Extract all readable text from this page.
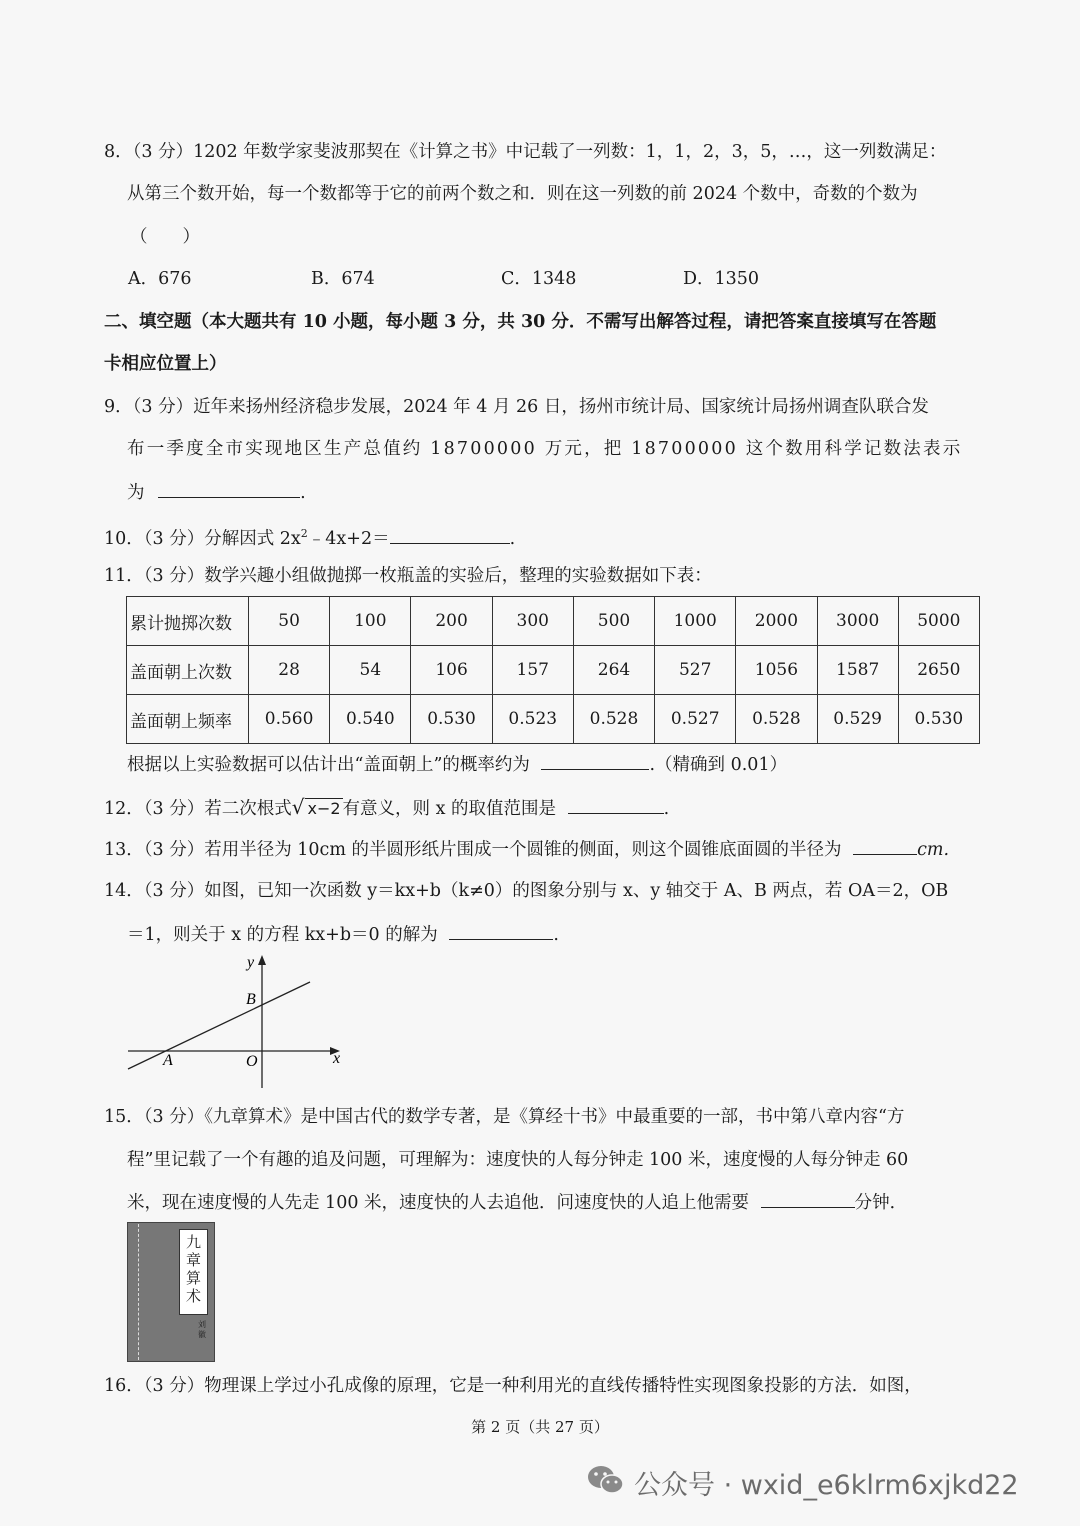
8．（3 分）1202 年数学家斐波那契在《计算之书》中记载了一列数：1，1，2，3，5，…，这一列数满足：
从第三个数开始，每一个数都等于它的前两个数之和．则在这一列数的前 2024 个数中，奇数的个数为
（　　）
A．676	B．674	C．1348	D．1350
二、填空题（本大题共有 10 小题，每小题 3 分，共 30 分．不需写出解答过程，请把答案直接填写在答题
卡相应位置上）
9．（3 分）近年来扬州经济稳步发展，2024 年 4 月 26 日，扬州市统计局、国家统计局扬州调查队联合发
布一季度全市实现地区生产总值约 18700000 万元，把 18700000 这个数用科学记数法表示
为	.
10．（3 分）分解因式 $2x^2﹣4x+2=$	.
11．（3 分）数学兴趣小组做抛掷一枚瓶盖的实验后，整理的实验数据如下表：
累计抛掷次数	50	100	200	300	500	1000	2000	3000	5000
盖面朝上次数	28	54	106	157	264	527	1056	1587	2650
盖面朝上频率	0.560	0.540	0.530	0.523	0.528	0.527	0.528	0.529	0.530
根据以上实验数据可以估计出“盖面朝上”的概率约为	.（精确到 0.01）
12．（3 分）若二次根式√ x−2 有意义，则 x 的取值范围是	.
13．（3 分）若用半径为 10cm 的半圆形纸片围成一个圆锥的侧面，则这个圆锥底面圆的半径为	cm.
14．（3 分）如图，已知一次函数 y＝kx+b（k≠0）的图象分别与 x、y 轴交于 A、B 两点，若 OA＝2，OB
＝1，则关于 x 的方程 kx+b＝0 的解为	.
y
x
A
B
O
15．（3 分）《九章算术》是中国古代的数学专著，是《算经十书》中最重要的一部，书中第八章内容“方
程”里记载了一个有趣的追及问题，可理解为：速度快的人每分钟走 100 米，速度慢的人每分钟走 60
米，现在速度慢的人先走 100 米，速度快的人去追他．问速度快的人追上他需要	分钟．
九
章
算
术
刘
徽
16．（3 分）物理课上学过小孔成像的原理，它是一种利用光的直线传播特性实现图象投影的方法．如图，
第 2 页（共 27 页）
公众号 · wxid_e6klrm6xjkd22
